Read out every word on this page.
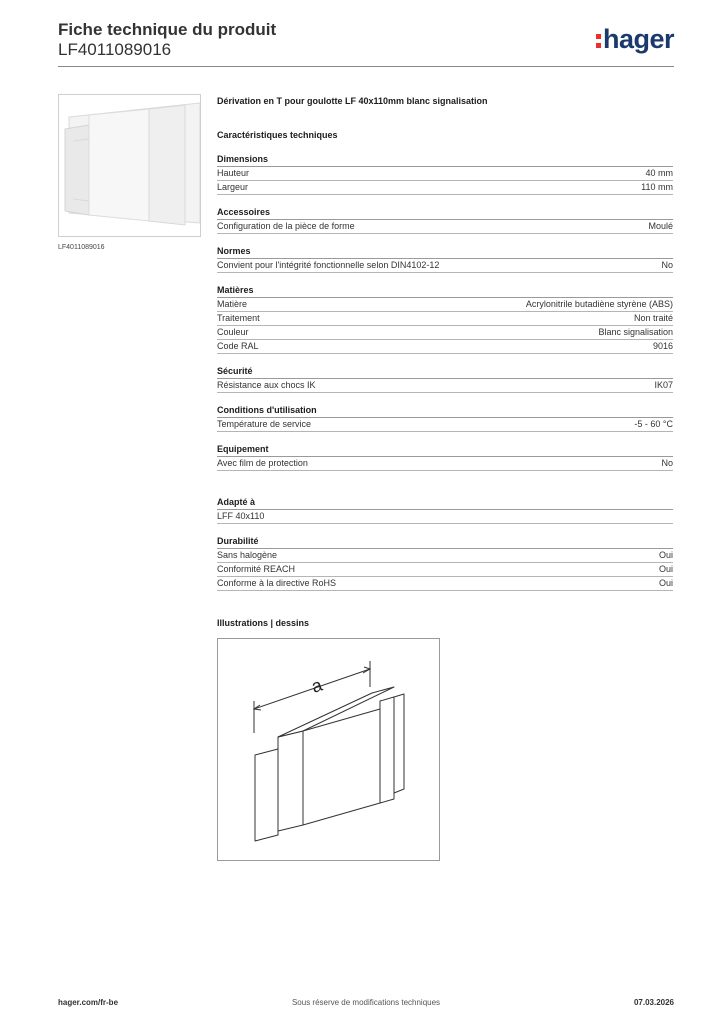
Fiche technique du produit
LF4011089016	hager
LF4011089016
Dérivation en T pour goulotte LF 40x110mm blanc signalisation
Caractéristiques techniques
Dimensions
Hauteur	40 mm
Largeur	110 mm
Accessoires
Configuration de la pièce de forme	Moulé
Normes
Convient pour l'intégrité fonctionnelle selon DIN4102-12	No
Matières
Matière	Acrylonitrile butadiène styrène (ABS)
Traitement	Non traité
Couleur	Blanc signalisation
Code RAL	9016
Sécurité
Résistance aux chocs IK	IK07
Conditions d'utilisation
Température de service	-5 - 60 °C
Equipement
Avec film de protection	No
Adapté à
LFF 40x110
Durabilité
Sans halogène	Oui
Conformité REACH	Oui
Conforme à la directive RoHS	Oui
Illustrations | dessins
a
hager.com/fr-be	Sous réserve de modifications techniques	07.03.2026
